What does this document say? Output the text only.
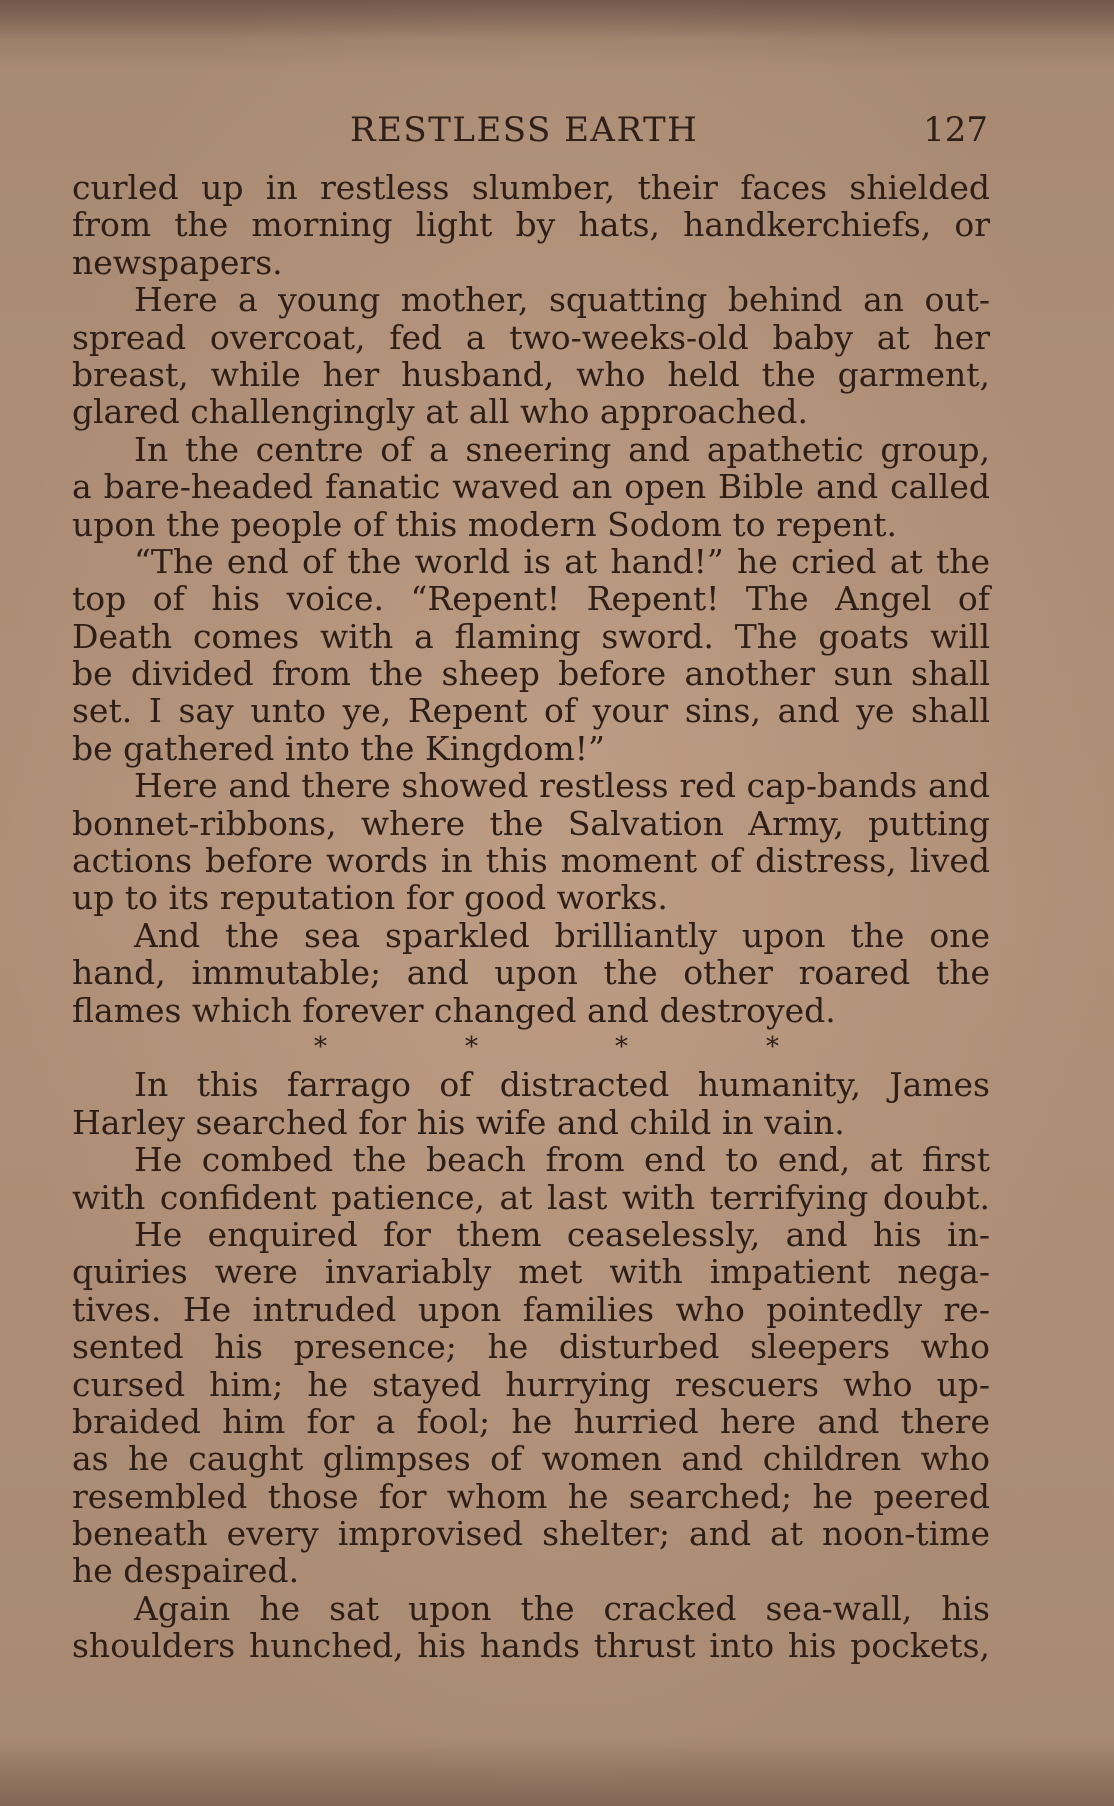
RESTLESS EARTH	127
curled up in restless slumber, their faces shielded
from the morning light by hats, handkerchiefs, or
newspapers.
Here a young mother, squatting behind an out-
spread overcoat, fed a two-weeks-old baby at her
breast, while her husband, who held the garment,
glared challengingly at all who approached.
In the centre of a sneering and apathetic group,
a bare-headed fanatic waved an open Bible and called
upon the people of this modern Sodom to repent.
“The end of the world is at hand!” he cried at the
top of his voice. “Repent! Repent! The Angel of
Death comes with a flaming sword. The goats will
be divided from the sheep before another sun shall
set. I say unto ye, Repent of your sins, and ye shall
be gathered into the Kingdom!”
Here and there showed restless red cap-bands and
bonnet-ribbons, where the Salvation Army, putting
actions before words in this moment of distress, lived
up to its reputation for good works.
And the sea sparkled brilliantly upon the one
hand, immutable; and upon the other roared the
flames which forever changed and destroyed.
*	*	*	*
In this farrago of distracted humanity, James
Harley searched for his wife and child in vain.
He combed the beach from end to end, at first
with confident patience, at last with terrifying doubt.
He enquired for them ceaselessly, and his in-
quiries were invariably met with impatient nega-
tives. He intruded upon families who pointedly re-
sented his presence; he disturbed sleepers who
cursed him; he stayed hurrying rescuers who up-
braided him for a fool; he hurried here and there
as he caught glimpses of women and children who
resembled those for whom he searched; he peered
beneath every improvised shelter; and at noon-time
he despaired.
Again he sat upon the cracked sea-wall, his
shoulders hunched, his hands thrust into his pockets,
